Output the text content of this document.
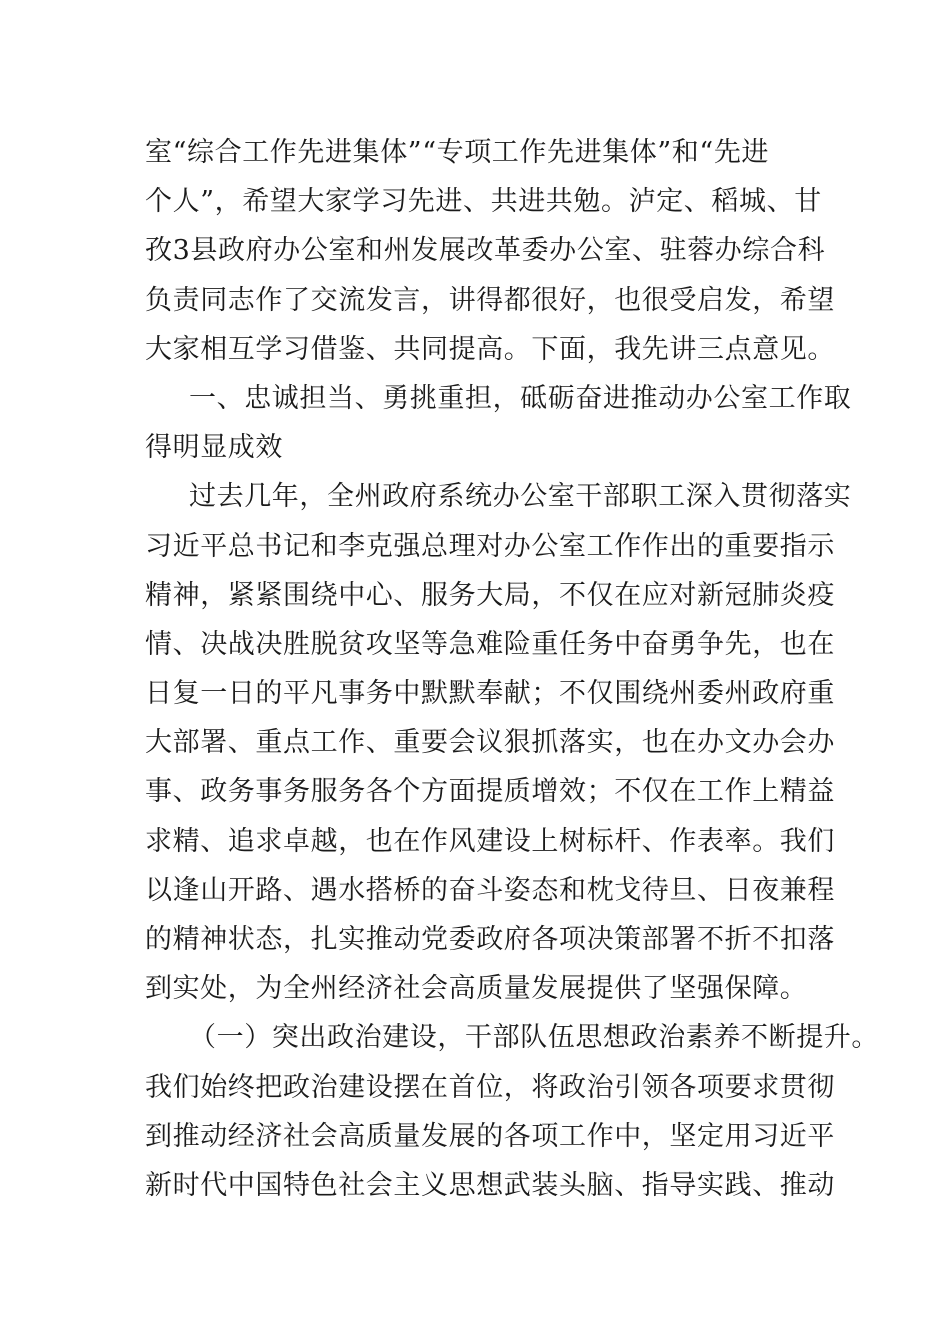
室“综合工作先进集体”“专项工作先进集体”和“先进
个人”，希望大家学习先进、共进共勉。泸定、稻城、甘
孜3县政府办公室和州发展改革委办公室、驻蓉办综合科
负责同志作了交流发言，讲得都很好，也很受启发，希望
大家相互学习借鉴、共同提高。下面，我先讲三点意见。
一、忠诚担当、勇挑重担，砥砺奋进推动办公室工作取
得明显成效
过去几年，全州政府系统办公室干部职工深入贯彻落实
习近平总书记和李克强总理对办公室工作作出的重要指示
精神，紧紧围绕中心、服务大局，不仅在应对新冠肺炎疫
情、决战决胜脱贫攻坚等急难险重任务中奋勇争先，也在
日复一日的平凡事务中默默奉献；不仅围绕州委州政府重
大部署、重点工作、重要会议狠抓落实，也在办文办会办
事、政务事务服务各个方面提质增效；不仅在工作上精益
求精、追求卓越，也在作风建设上树标杆、作表率。我们
以逢山开路、遇水搭桥的奋斗姿态和枕戈待旦、日夜兼程
的精神状态，扎实推动党委政府各项决策部署不折不扣落
到实处，为全州经济社会高质量发展提供了坚强保障。
（一）突出政治建设，干部队伍思想政治素养不断提升。
我们始终把政治建设摆在首位，将政治引领各项要求贯彻
到推动经济社会高质量发展的各项工作中，坚定用习近平
新时代中国特色社会主义思想武装头脑、指导实践、推动
